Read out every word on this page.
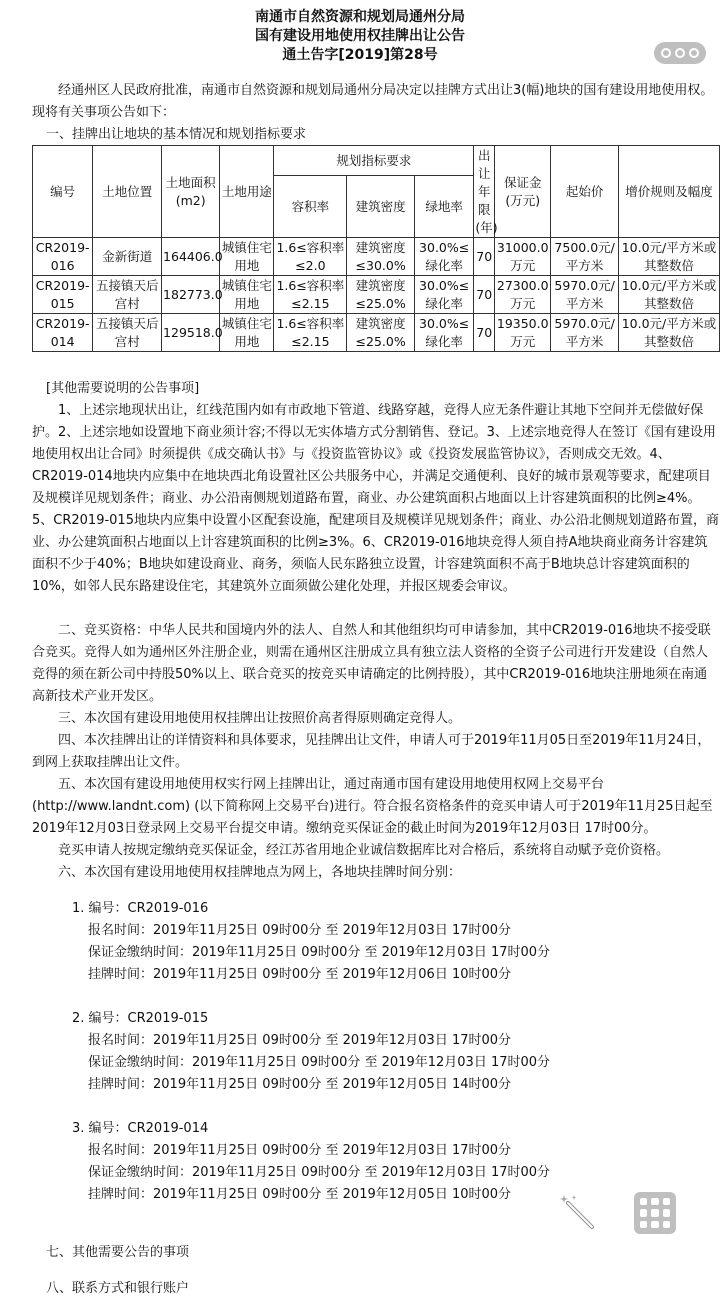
南通市自然资源和规划局通州分局
国有建设用地使用权挂牌出让公告
通土告字[2019]第28号

经通州区人民政府批准，南通市自然资源和规划局通州分局决定以挂牌方式出让3(幅)地块的国有建设用地使用权。现将有关事项公告如下：

一、挂牌出让地块的基本情况和规划指标要求

编号	土地位置	土地面积(m2)	土地用途	规划指标要求			出让年限(年)	保证金(万元)	起始价	增价规则及幅度
				容积率	建筑密度	绿地率				
CR2019-016	金新街道	164406.0	城镇住宅用地	1.6≤容积率≤2.0	建筑密度≤30.0%	30.0%≤绿化率	70	31000.0万元	7500.0元/平方米	10.0元/平方米或其整数倍
CR2019-015	五接镇天后宫村	182773.0	城镇住宅用地	1.6≤容积率≤2.15	建筑密度≤25.0%	30.0%≤绿化率	70	27300.0万元	5970.0元/平方米	10.0元/平方米或其整数倍
CR2019-014	五接镇天后宫村	129518.0	城镇住宅用地	1.6≤容积率≤2.15	建筑密度≤25.0%	30.0%≤绿化率	70	19350.0万元	5970.0元/平方米	10.0元/平方米或其整数倍

[其他需要说明的公告事项]

1、上述宗地现状出让，红线范围内如有市政地下管道、线路穿越，竞得人应无条件避让其地下空间并无偿做好保护。2、上述宗地如设置地下商业须计容;不得以无实体墙方式分割销售、登记。3、上述宗地竞得人在签订《国有建设用地使用权出让合同》时须提供《成交确认书》与《投资监管协议》或《投资发展监管协议》，否则成交无效。4、CR2019-014地块内应集中在地块西北角设置社区公共服务中心，并满足交通便利、良好的城市景观等要求，配建项目及规模详见规划条件；商业、办公沿南侧规划道路布置，商业、办公建筑面积占地面以上计容建筑面积的比例≥4%。5、CR2019-015地块内应集中设置小区配套设施，配建项目及规模详见规划条件；商业、办公沿北侧规划道路布置，商业、办公建筑面积占地面以上计容建筑面积的比例≥3%。6、CR2019-016地块竞得人须自持A地块商业商务计容建筑面积不少于40%；B地块如建设商业、商务，须临人民东路独立设置，计容建筑面积不高于B地块总计容建筑面积的10%，如邻人民东路建设住宅，其建筑外立面须做公建化处理，并报区规委会审议。

二、竞买资格：中华人民共和国境内外的法人、自然人和其他组织均可申请参加，其中CR2019-016地块不接受联合竞买。竞得人如为通州区外注册企业，则需在通州区注册成立具有独立法人资格的全资子公司进行开发建设（自然人竞得的须在新公司中持股50%以上、联合竞买的按竞买申请确定的比例持股），其中CR2019-016地块注册地须在南通高新技术产业开发区。

三、本次国有建设用地使用权挂牌出让按照价高者得原则确定竞得人。

四、本次挂牌出让的详情资料和具体要求，见挂牌出让文件，申请人可于2019年11月05日至2019年11月24日，到网上获取挂牌出让文件。

五、本次国有建设用地使用权实行网上挂牌出让，通过南通市国有建设用地使用权网上交易平台(http://www.landnt.com) (以下简称网上交易平台)进行。符合报名资格条件的竞买申请人可于2019年11月25日起至2019年12月03日登录网上交易平台提交申请。缴纳竞买保证金的截止时间为2019年12月03日 17时00分。

竞买申请人按规定缴纳竞买保证金，经江苏省用地企业诚信数据库比对合格后，系统将自动赋予竞价资格。

六、本次国有建设用地使用权挂牌地点为网上，各地块挂牌时间分别：

1. 编号：CR2019-016

报名时间：2019年11月25日 09时00分 至 2019年12月03日 17时00分

保证金缴纳时间：2019年11月25日 09时00分 至 2019年12月03日 17时00分

挂牌时间：2019年11月25日 09时00分 至 2019年12月06日 10时00分

2. 编号：CR2019-015

报名时间：2019年11月25日 09时00分 至 2019年12月03日 17时00分

保证金缴纳时间：2019年11月25日 09时00分 至 2019年12月03日 17时00分

挂牌时间：2019年11月25日 09时00分 至 2019年12月05日 14时00分

3. 编号：CR2019-014

报名时间：2019年11月25日 09时00分 至 2019年12月03日 17时00分

保证金缴纳时间：2019年11月25日 09时00分 至 2019年12月03日 17时00分

挂牌时间：2019年11月25日 09时00分 至 2019年12月05日 10时00分

七、其他需要公告的事项

八、联系方式和银行账户
